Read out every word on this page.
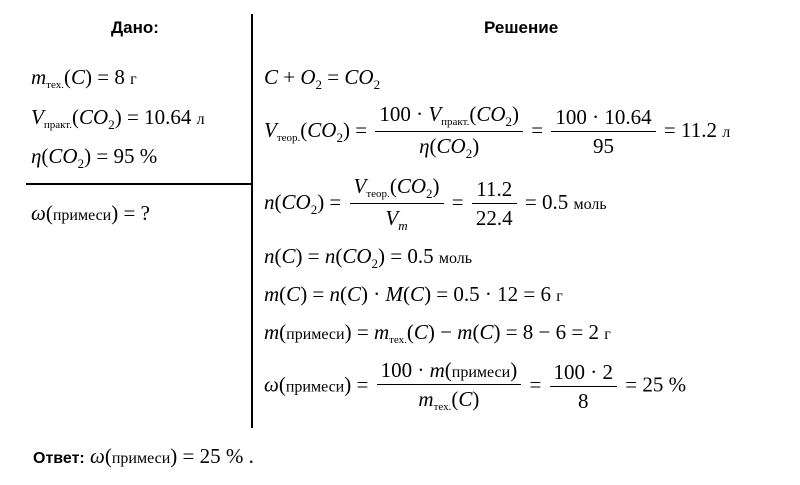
Дано:	Решение
$m_{тех.}(C) = 8$ г
$V_{практ.}(CO_2) = 10.64$ л
$\eta(CO_2) = 95$ %
ω(примеси) = ?
$C + O_2 = CO_2$
$V_{теор.}(CO_2) = \frac{100 \cdot V_{практ.}(CO_2)}{\eta(CO_2)} = \frac{100 \cdot 10.64}{95} = 11.2$ л
$n(CO_2) = \frac{V_{теор.}(CO_2)}{V_m} = \frac{11.2}{22.4} = 0.5$ моль
$n(C) = n(CO_2) = 0.5$ моль
m(C) = n(C) · M(C) = 0.5 · 12 = 6 г
m(примеси) = $m_{тех.}(C) - m(C) = 8 - 6 = 2$ г
ω(примеси) = $\frac{\text{100 · m(примеси)}}{m_{тех.}(C)} = \frac{100 \cdot 2}{8} = 25$ %
Ответ: ω(примеси) = 25 % .
